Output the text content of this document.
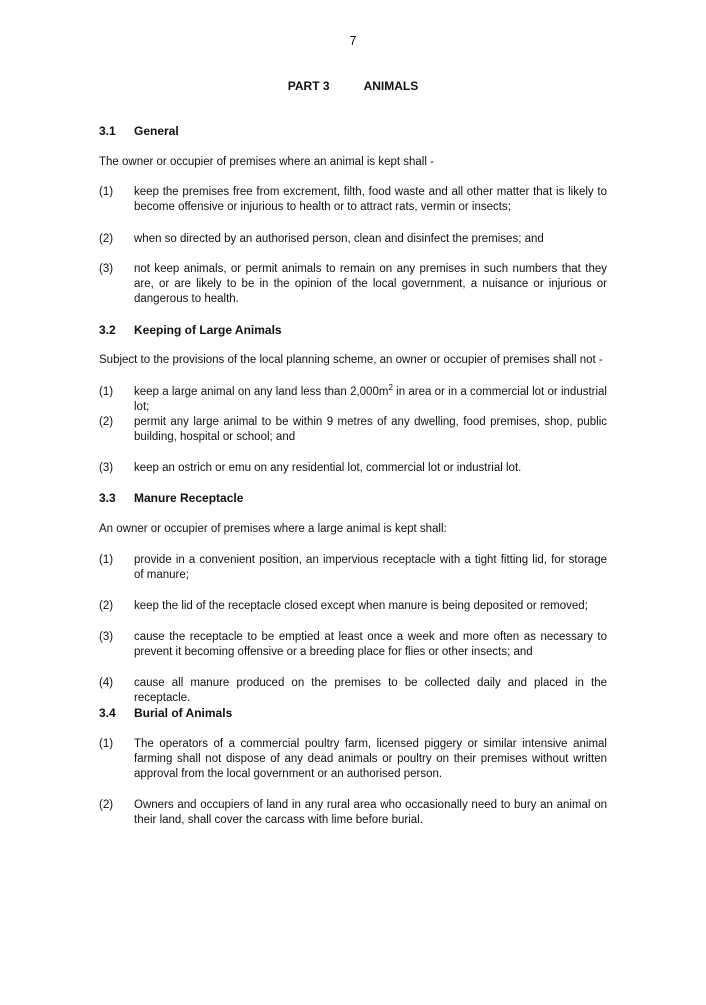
7
PART 3	ANIMALS
3.1 General
The owner or occupier of premises where an animal is kept shall -
(1)	keep the premises free from excrement, filth, food waste and all other matter that is likely to become offensive or injurious to health or to attract rats, vermin or insects;
(2)	when so directed by an authorised person, clean and disinfect the premises; and
(3)	not keep animals, or permit animals to remain on any premises in such numbers that they are, or are likely to be in the opinion of the local government, a nuisance or injurious or dangerous to health.
3.2 Keeping of Large Animals
Subject to the provisions of the local planning scheme, an owner or occupier of premises shall not -
(1)	keep a large animal on any land less than $2,000m^2$ in area or in a commercial lot or industrial lot;
(2)	permit any large animal to be within 9 metres of any dwelling, food premises, shop, public building, hospital or school; and
(3)	keep an ostrich or emu on any residential lot, commercial lot or industrial lot.
3.3 Manure Receptacle
An owner or occupier of premises where a large animal is kept shall:
(1)	provide in a convenient position, an impervious receptacle with a tight fitting lid, for storage of manure;
(2)	keep the lid of the receptacle closed except when manure is being deposited or removed;
(3)	cause the receptacle to be emptied at least once a week and more often as necessary to prevent it becoming offensive or a breeding place for flies or other insects; and
(4)	cause all manure produced on the premises to be collected daily and placed in the receptacle.
3.4 Burial of Animals
(1)	The operators of a commercial poultry farm, licensed piggery or similar intensive animal farming shall not dispose of any dead animals or poultry on their premises without written approval from the local government or an authorised person.
(2)	Owners and occupiers of land in any rural area who occasionally need to bury an animal on their land, shall cover the carcass with lime before burial.
